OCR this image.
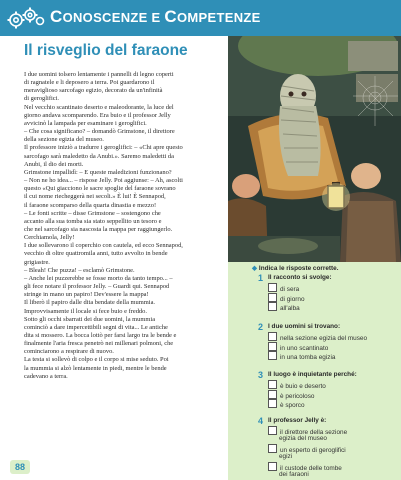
CONOSCENZE E COMPETENZE
Il risveglio del faraone
I due uomini tolsero lentamente i pannelli di legno coperti
di ragnatele e li deposero a terra. Poi guardarono il
meraviglioso sarcofago egizio, decorato da un'infinità
di geroglifici.
Nel vecchio scantinato deserto e maleodorante, la luce del
giorno andava scomparendo. Era buio e il professor Jelly
avvicinò la lampada per esaminare i geroglifici.
– Che cosa significano? – domandò Grimstone, il direttore
della sezione egizia del museo.
Il professore iniziò a tradurre i geroglifici: – «Chi apre questo
sarcofago sarà maledetto da Anubi.». Saremo maledetti da
Anubi, il dio dei morti.
Grimstone impallidì: – E queste maledizioni funzionano?
– Non ne ho idea... – rispose Jelly. Poi aggiunse: – Ah, ascolti
questo «Qui giacciono le sacre spoglie del faraone sovrano
il cui nome riecheggerà nei secoli.» È lui! È Sennapod,
il faraone scomparso della quarta dinastia e mezzo!
– Le fonti scritte – disse Grimstone – sostengono che
accanto alla sua tomba sia stato seppellito un tesoro e
che nel sarcofago sia nascosta la mappa per raggiungerlo.
Cerchiamola, Jelly!
I due sollevarono il coperchio con cautela, ed ecco Sennapod,
vecchio di oltre quattromila anni, tutto avvolto in bende
grigiastre.
– Bleah! Che puzza! – esclamò Grimstone.
– Anche lei puzzerebbe se fosse morto da tanto tempo... –
gli fece notare il professor Jelly. – Guardi qui. Sennapod
stringe in mano un papiro! Dev'essere la mappa!
Il liberò il papiro dalle dita bendate della mummia.
Improvvisamente il locale si fece buio e freddo.
Sotto gli occhi sbarrati dei due uomini, la mummia
cominciò a dare impercettibili segni di vita... Le antiche
dita si mossero. La bocca lottò per farsi largo tra le bende e
finalmente l'aria fresca penetrò nei millenari polmoni, che
cominciarono a respirare di nuovo.
La testa si sollevò di colpo e il corpo si mise seduto. Poi
la mummia si alzò lentamente in piedi, mentre le bende
cadevano a terra.
◆ Indica le risposte corrette.
1 Il racconto si svolge:
di sera
di giorno
all'alba
2 I due uomini si trovano:
nella sezione egizia del museo
in uno scantinato
in una tomba egizia
3 Il luogo è inquietante perché:
è buio e deserto
è pericoloso
è sporco
4 Il professor Jelly è:
il direttore della sezione
egizia del museo
un esperto di geroglifici
egizi
il custode delle tombe
dei faraoni
88
